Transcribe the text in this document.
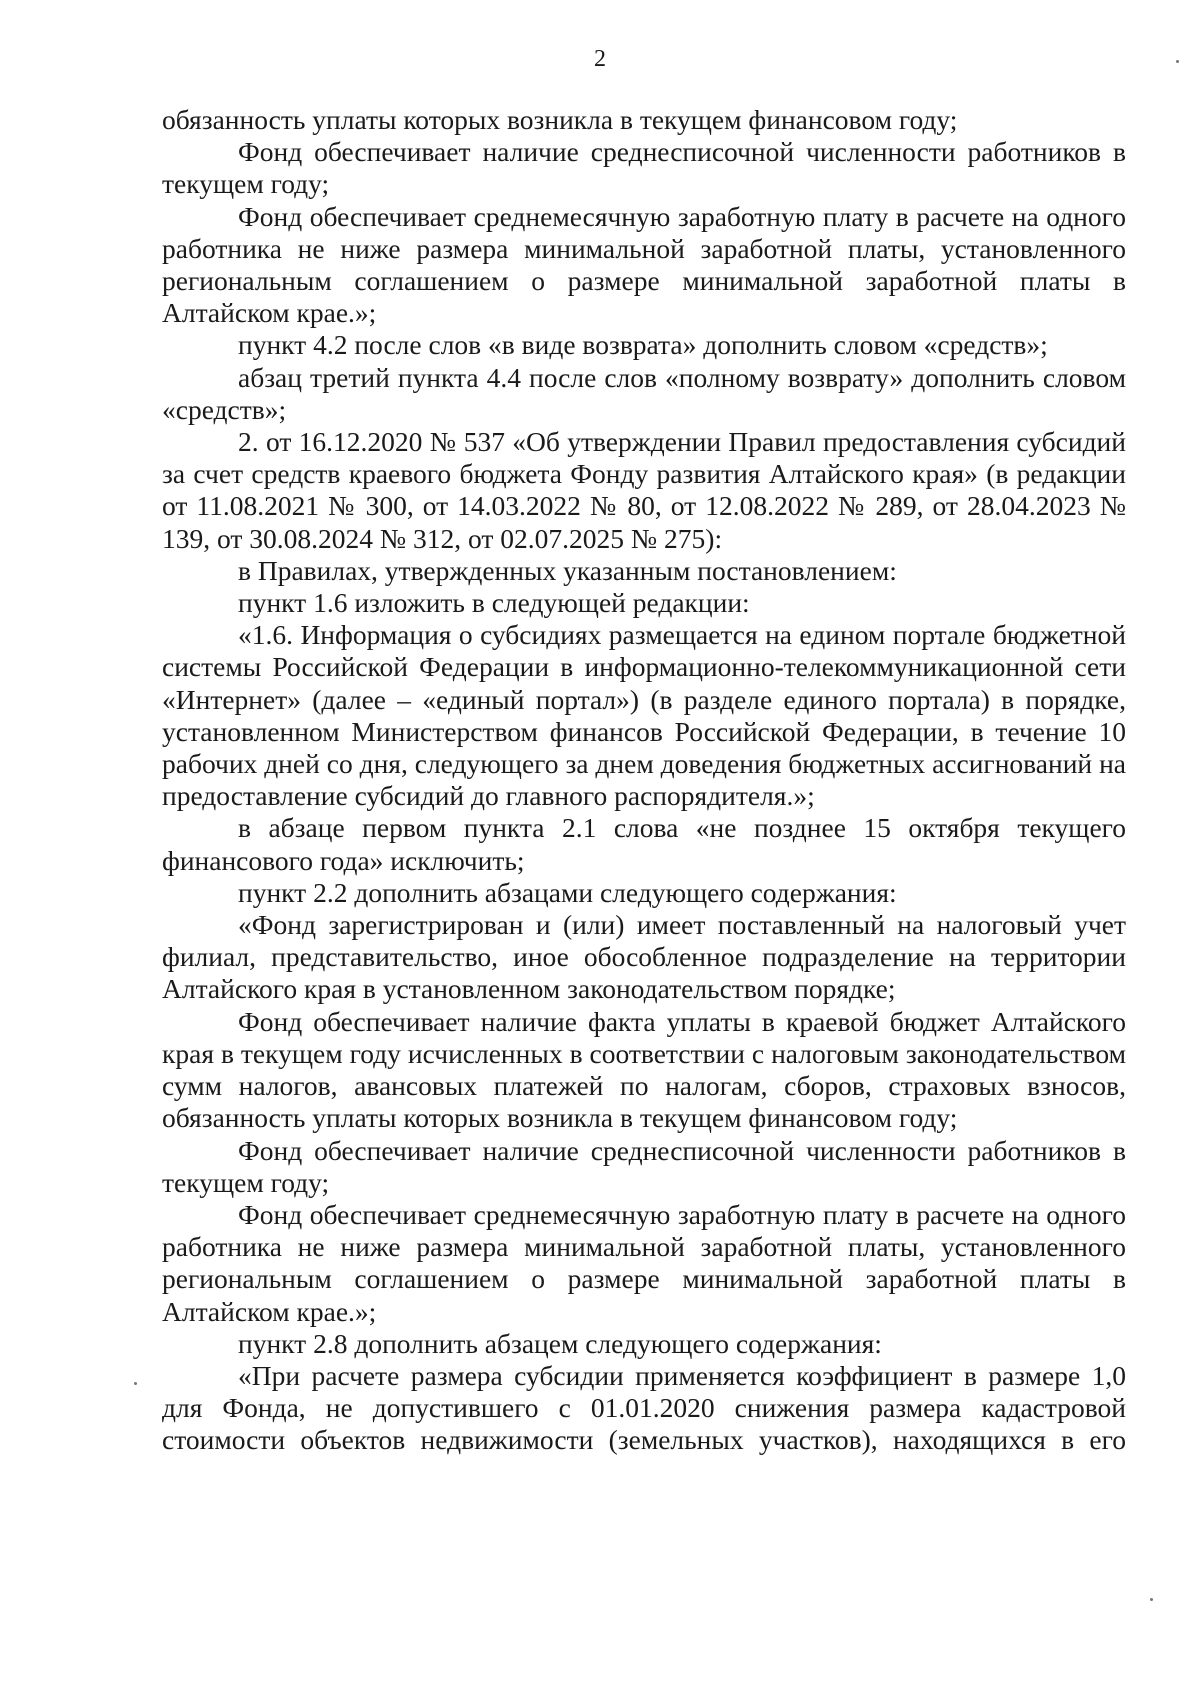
2

обязанность уплаты которых возникла в текущем финансовом году;

Фонд обеспечивает наличие среднесписочной численности работников в текущем году;

Фонд обеспечивает среднемесячную заработную плату в расчете на одного работника не ниже размера минимальной заработной платы, установленного региональным соглашением о размере минимальной заработной платы в Алтайском крае.»;

пункт 4.2 после слов «в виде возврата» дополнить словом «средств»;

абзац третий пункта 4.4 после слов «полному возврату» дополнить словом «средств»;

2. от 16.12.2020 № 537 «Об утверждении Правил предоставления субсидий за счет средств краевого бюджета Фонду развития Алтайского края» (в редакции от 11.08.2021 № 300, от 14.03.2022 № 80, от 12.08.2022 № 289, от 28.04.2023 № 139, от 30.08.2024 № 312, от 02.07.2025 № 275):

в Правилах, утвержденных указанным постановлением:

пункт 1.6 изложить в следующей редакции:

«1.6. Информация о субсидиях размещается на едином портале бюджетной системы Российской Федерации в информационно-телекоммуникационной сети «Интернет» (далее – «единый портал») (в разделе единого портала) в порядке, установленном Министерством финансов Российской Федерации, в течение 10 рабочих дней со дня, следующего за днем доведения бюджетных ассигнований на предоставление субсидий до главного распорядителя.»;

в абзаце первом пункта 2.1 слова «не позднее 15 октября текущего финансового года» исключить;

пункт 2.2 дополнить абзацами следующего содержания:

«Фонд зарегистрирован и (или) имеет поставленный на налоговый учет филиал, представительство, иное обособленное подразделение на территории Алтайского края в установленном законодательством порядке;

Фонд обеспечивает наличие факта уплаты в краевой бюджет Алтайского края в текущем году исчисленных в соответствии с налоговым законодательством сумм налогов, авансовых платежей по налогам, сборов, страховых взносов, обязанность уплаты которых возникла в текущем финансовом году;

Фонд обеспечивает наличие среднесписочной численности работников в текущем году;

Фонд обеспечивает среднемесячную заработную плату в расчете на одного работника не ниже размера минимальной заработной платы, установленного региональным соглашением о размере минимальной заработной платы в Алтайском крае.»;

пункт 2.8 дополнить абзацем следующего содержания:

«При расчете размера субсидии применяется коэффициент в размере 1,0 для Фонда, не допустившего с 01.01.2020 снижения размера кадастровой стоимости объектов недвижимости (земельных участков), находящихся в его
